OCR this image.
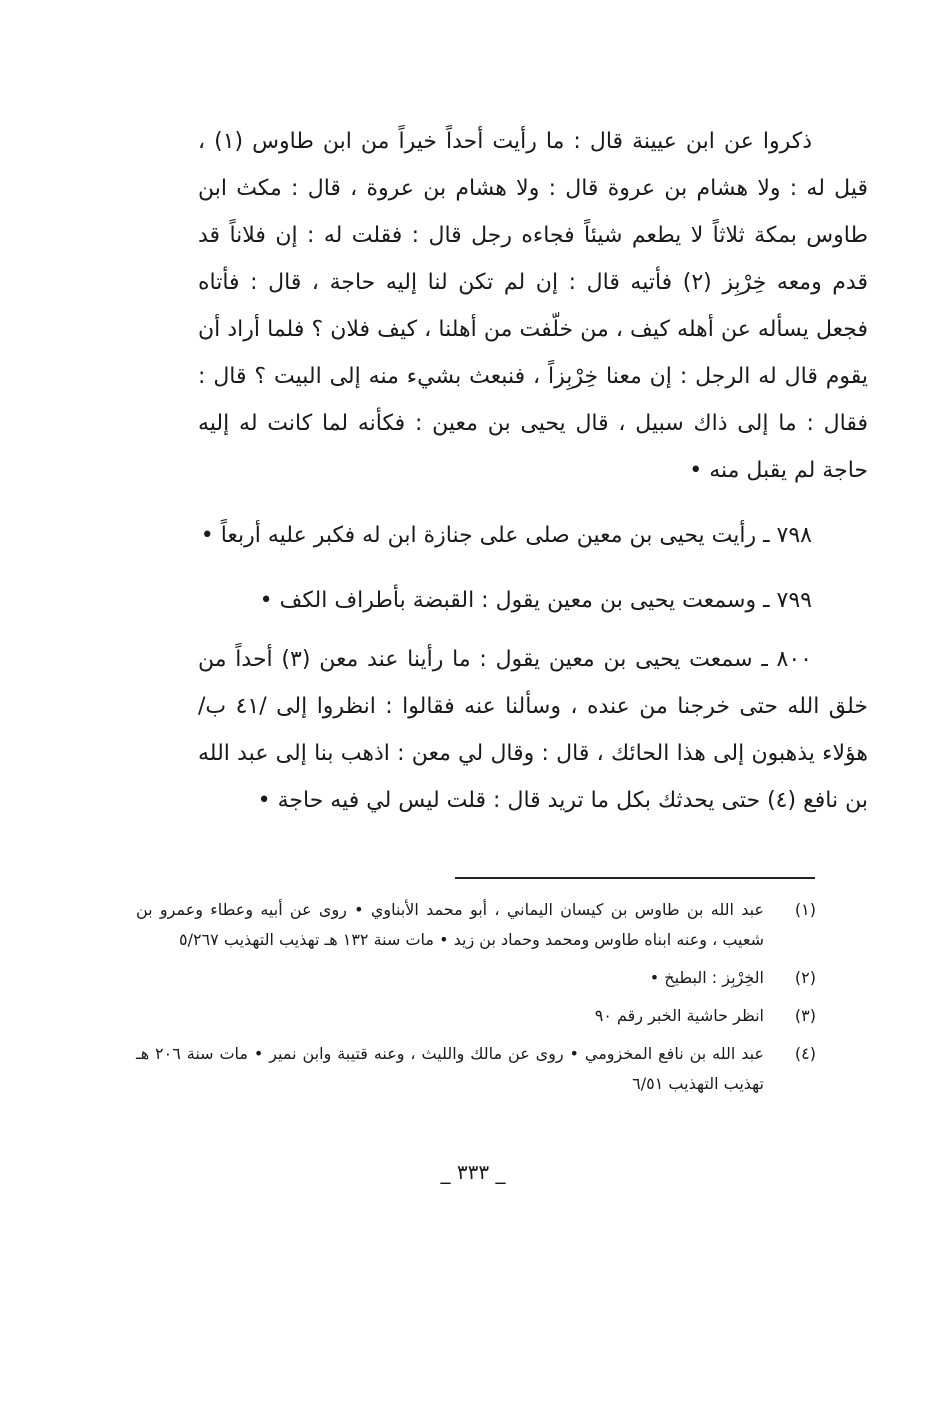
ذكروا عن ابن عيينة قال : ما رأيت أحداً خيراً من ابن طاوس (١) ، قيل له : ولا هشام بن عروة قال : ولا هشام بن عروة ، قال : مكث ابن طاوس بمكة ثلاثاً لا يطعم شيئاً فجاءه رجل قال : فقلت له : إن فلاناً قد قدم ومعه خِرْبِز (٢) فأتيه قال : إن لم تكن لنا إليه حاجة ، قال : فأتاه فجعل يسأله عن أهله كيف ، من خلّفت من أهلنا ، كيف فلان ؟ فلما أراد أن يقوم قال له الرجل : إن معنا خِرْبِزاً ، فنبعث بشيء منه إلى البيت ؟ قال : فقال : ما إلى ذاك سبيل ، قال يحيى بن معين : فكأنه لما كانت له إليه حاجة لم يقبل منه •

٧٩٨ ـ رأيت يحيى بن معين صلى على جنازة ابن له فكبر عليه أربعاً •

٧٩٩ ـ وسمعت يحيى بن معين يقول : القبضة بأطراف الكف •

٨٠٠ ـ سمعت يحيى بن معين يقول : ما رأينا عند معن (٣) أحداً من خلق الله حتى خرجنا من عنده ، وسألنا عنه فقالوا : انظروا إلى /٤١ ب/ هؤلاء يذهبون إلى هذا الحائك ، قال : وقال لي معن : اذهب بنا إلى عبد الله بن نافع (٤) حتى يحدثك بكل ما تريد قال : قلت ليس لي فيه حاجة •

(١)
عبد الله بن طاوس بن كيسان اليماني ، أبو محمد الأبناوي • روى عن أبيه وعطاء وعمرو بن شعيب ، وعنه ابناه طاوس ومحمد وحماد بن زيد • مات سنة ١٣٢ هـ تهذيب التهذيب ٥/٢٦٧
(٢)
الخِرْبِز : البطيخ •
(٣)
انظر حاشية الخبر رقم ٩٠
(٤)
عبد الله بن نافع المخزومي • روى عن مالك والليث ، وعنه قتيبة وابن نمير • مات سنة ٢٠٦ هـ تهذيب التهذيب ٦/٥١
_ ٣٣٣ _
